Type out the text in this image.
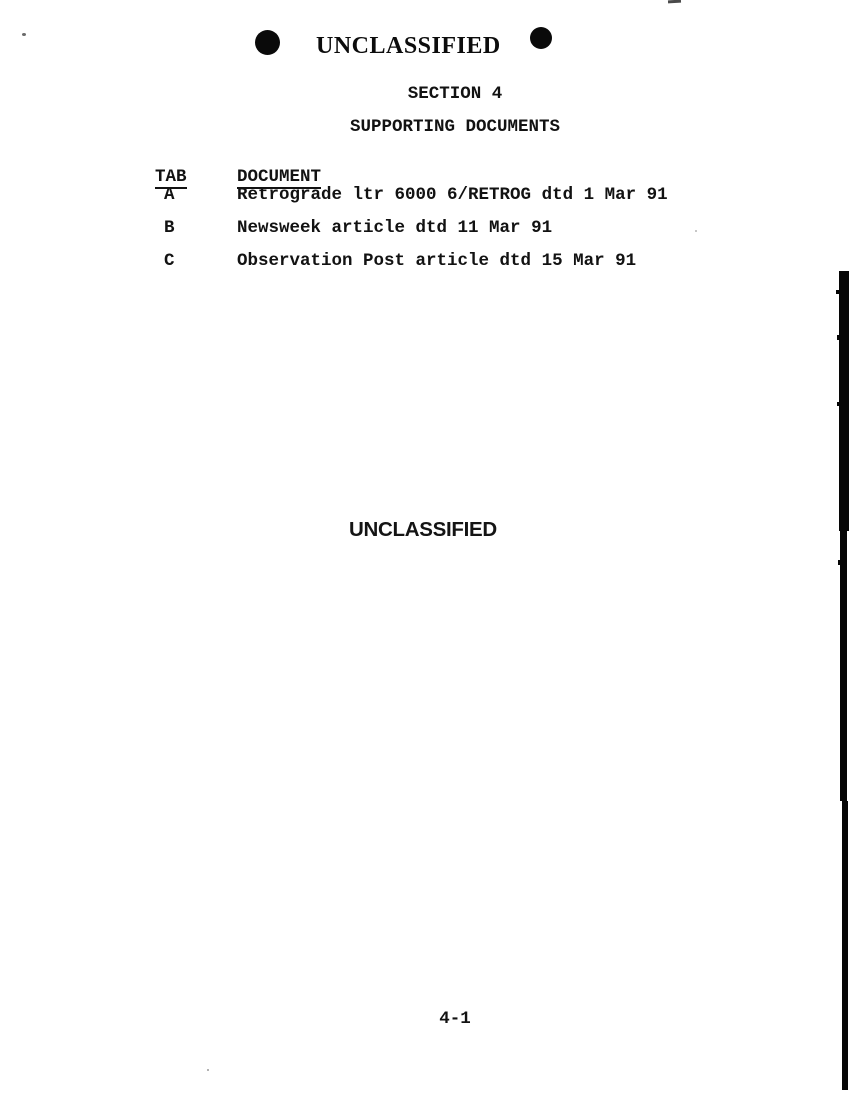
UNCLASSIFIED
SECTION 4
SUPPORTING DOCUMENTS

TAB	DOCUMENT

A	Retrograde ltr 6000 6/RETROG dtd 1 Mar 91

B	Newsweek article dtd 11 Mar 91

C	Observation Post article dtd 15 Mar 91

UNCLASSIFIED
4-1
